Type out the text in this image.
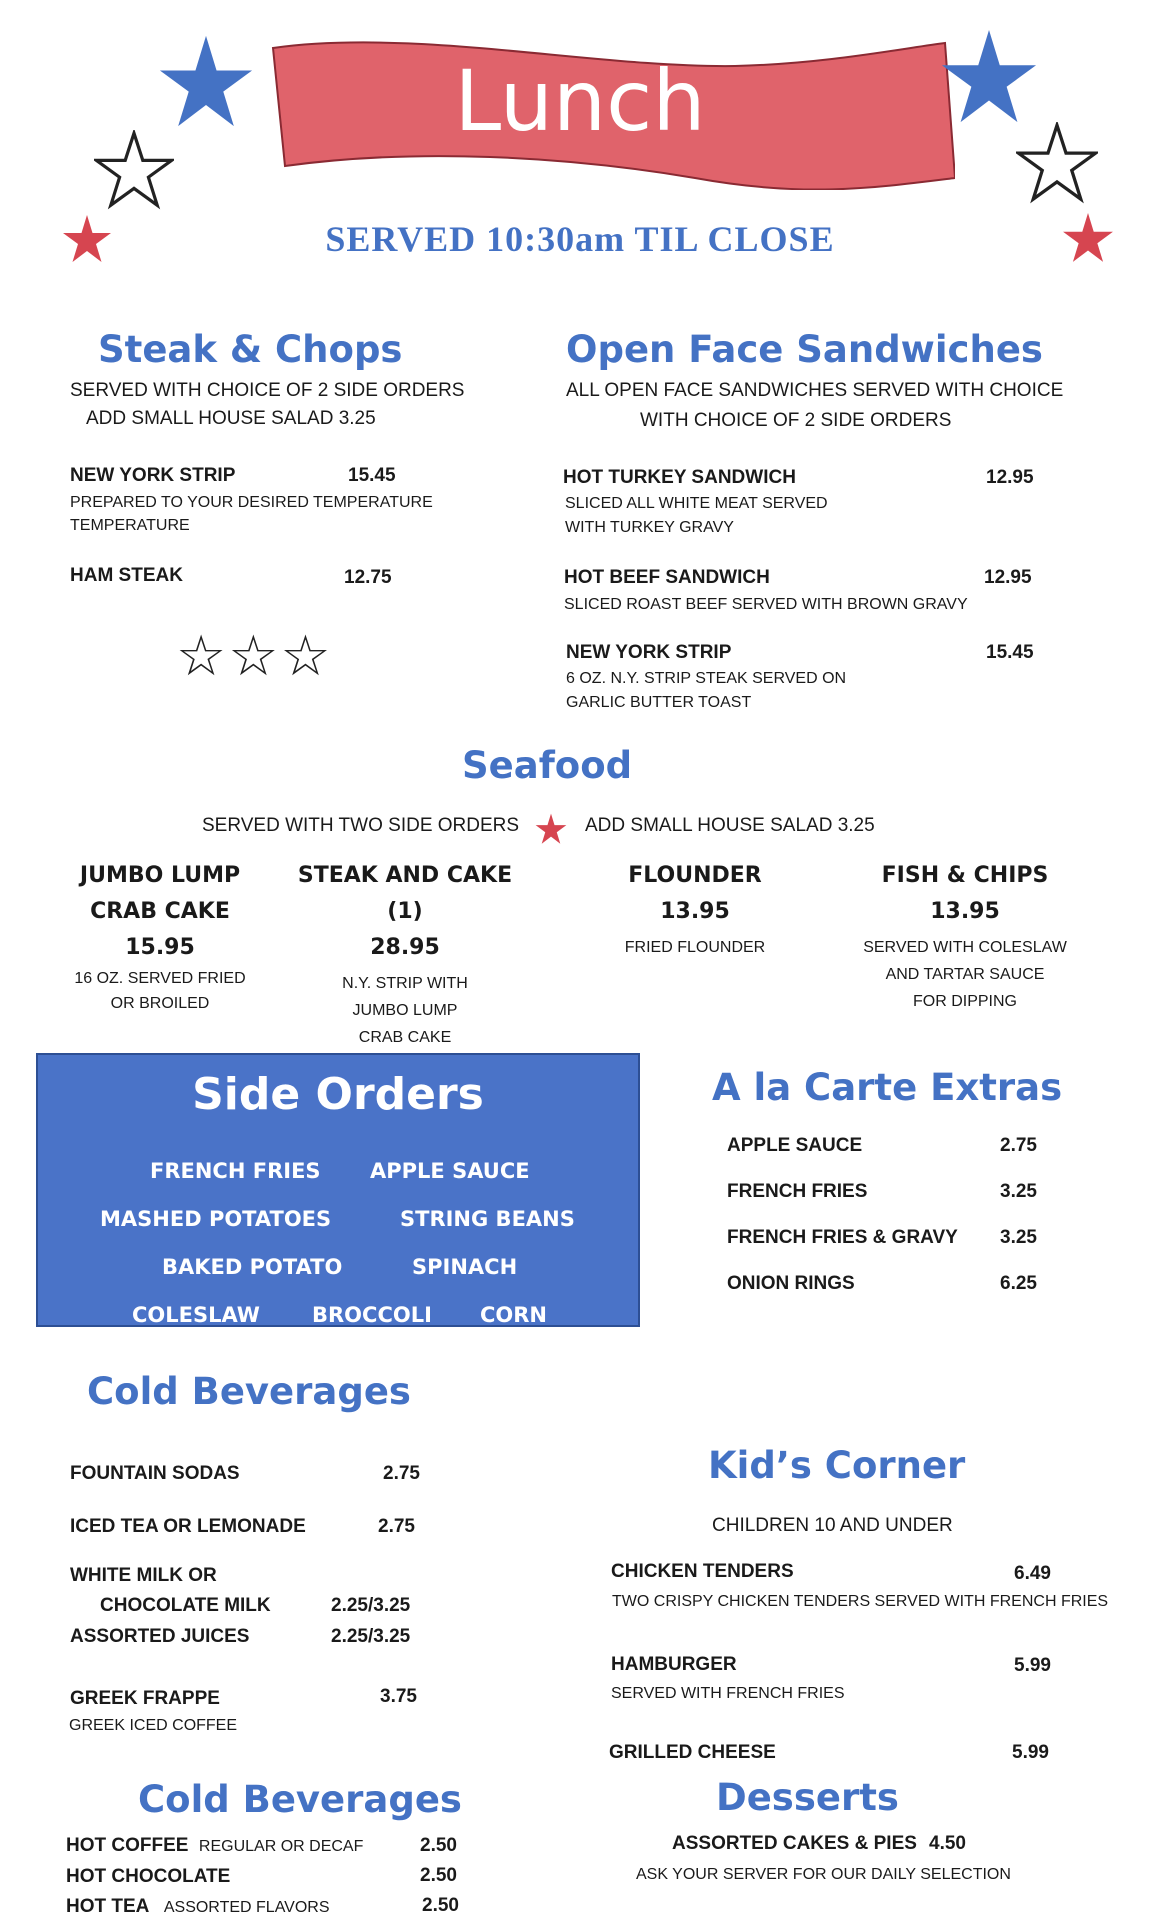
Lunch
SERVED 10:30am TIL CLOSE
Steak & Chops
SERVED WITH CHOICE OF 2 SIDE ORDERS
ADD SMALL HOUSE SALAD 3.25
NEW YORK STRIP	15.45
PREPARED TO YOUR DESIRED TEMPERATURE
TEMPERATURE
HAM STEAK	12.75
☆☆☆
Open Face Sandwiches
ALL OPEN FACE SANDWICHES SERVED WITH CHOICE
WITH CHOICE OF 2 SIDE ORDERS
HOT TURKEY SANDWICH	12.95
SLICED ALL WHITE MEAT SERVED
WITH TURKEY GRAVY
HOT BEEF SANDWICH	12.95
SLICED ROAST BEEF SERVED WITH BROWN GRAVY
NEW YORK STRIP	15.45
6 OZ. N.Y. STRIP STEAK SERVED ON
GARLIC BUTTER TOAST
Seafood
SERVED WITH TWO SIDE ORDERS	ADD SMALL HOUSE SALAD 3.25
JUMBO LUMP
CRAB CAKE
15.95
16 OZ. SERVED FRIED
OR BROILED
STEAK AND CAKE (1)
28.95
N.Y. STRIP WITH
JUMBO LUMP
CRAB CAKE
FLOUNDER
13.95
FRIED FLOUNDER
FISH & CHIPS
13.95
SERVED WITH COLESLAW
AND TARTAR SAUCE
FOR DIPPING
Side Orders
FRENCH FRIES APPLE SAUCE
MASHED POTATOES	STRING BEANS
BAKED POTATO	SPINACH
COLESLAW BROCCOLI CORN
A la Carte Extras
APPLE SAUCE	2.75
FRENCH FRIES	3.25
FRENCH FRIES & GRAVY 3.25
ONION RINGS	6.25
Cold Beverages
FOUNTAIN SODAS	2.75
ICED TEA OR LEMONADE	2.75
WHITE MILK OR
CHOCOLATE MILK	2.25/3.25
ASSORTED JUICES	2.25/3.25
GREEK FRAPPE	3.75
GREEK ICED COFFEE
Kid’s Corner
CHILDREN 10 AND UNDER
CHICKEN TENDERS	6.49
TWO CRISPY CHICKEN TENDERS SERVED WITH FRENCH FRIES
HAMBURGER	5.99
SERVED WITH FRENCH FRIES
GRILLED CHEESE	5.99
Cold Beverages
HOT COFFEE REGULAR OR DECAF	2.50
HOT CHOCOLATE	2.50
HOT TEA ASSORTED FLAVORS	2.50
Desserts
ASSORTED CAKES & PIES 4.50
ASK YOUR SERVER FOR OUR DAILY SELECTION
